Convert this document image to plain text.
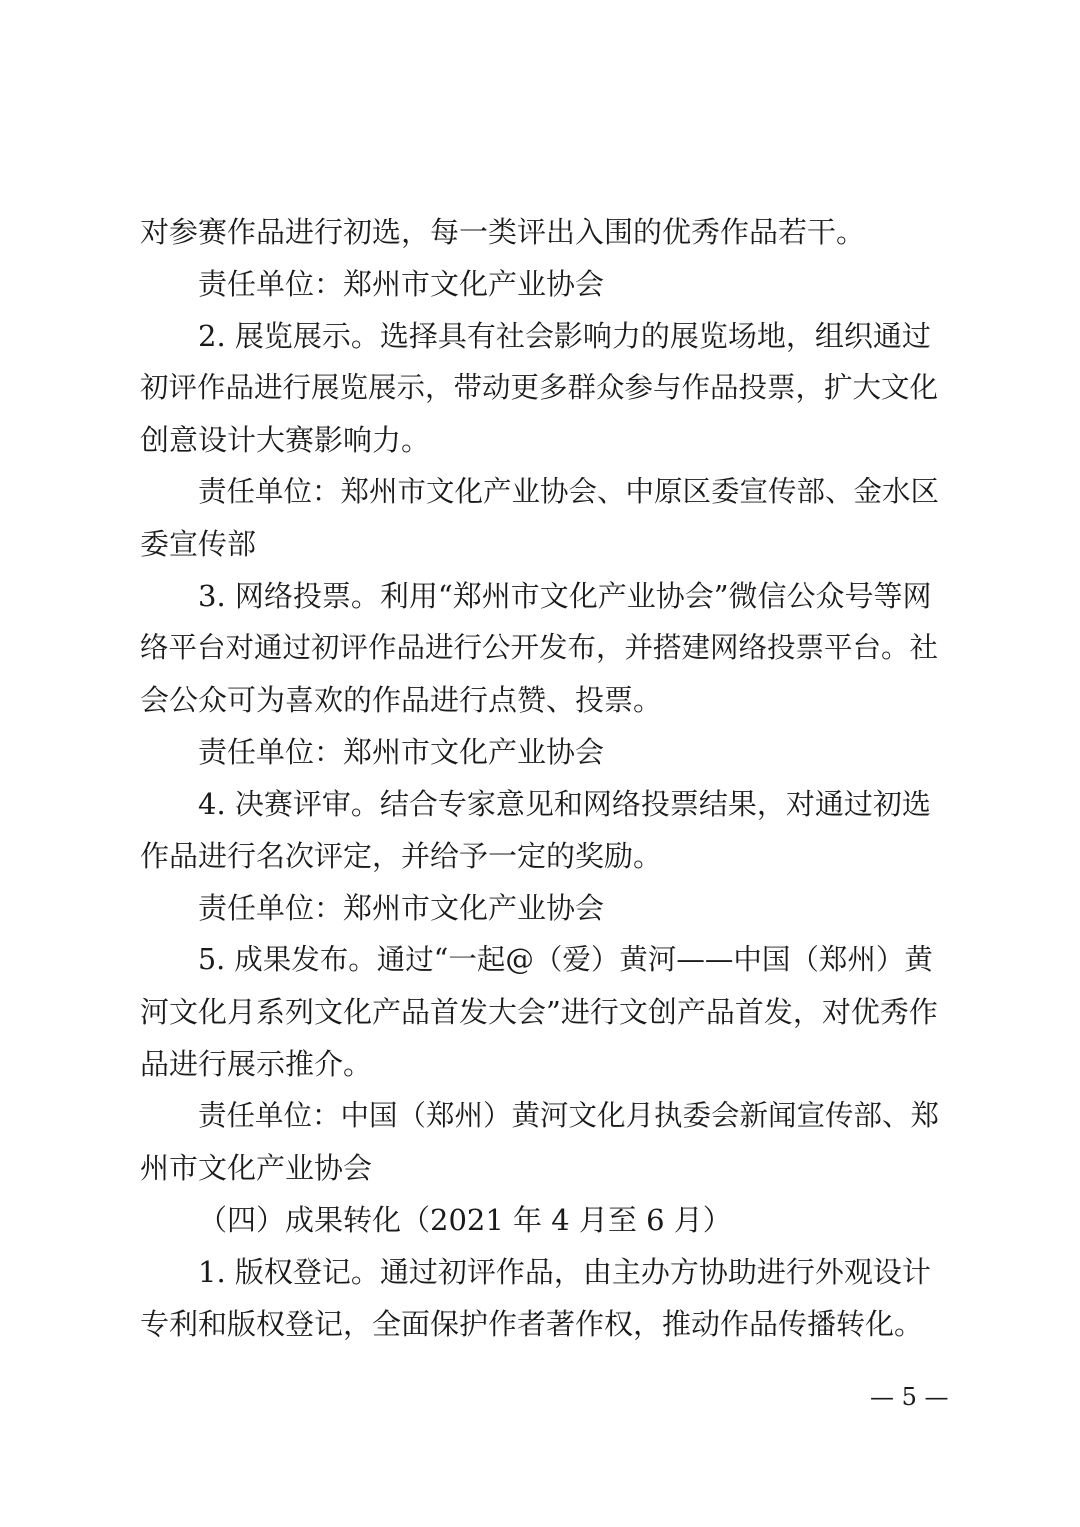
对参赛作品进行初选，每一类评出入围的优秀作品若干。
责任单位：郑州市文化产业协会
2. 展览展示。选择具有社会影响力的展览场地，组织通过
初评作品进行展览展示，带动更多群众参与作品投票，扩大文化
创意设计大赛影响力。
责任单位：郑州市文化产业协会、中原区委宣传部、金水区
委宣传部
3. 网络投票。利用“郑州市文化产业协会”微信公众号等网
络平台对通过初评作品进行公开发布，并搭建网络投票平台。社
会公众可为喜欢的作品进行点赞、投票。
责任单位：郑州市文化产业协会
4. 决赛评审。结合专家意见和网络投票结果，对通过初选
作品进行名次评定，并给予一定的奖励。
责任单位：郑州市文化产业协会
5. 成果发布。通过“一起@（爱）黄河——中国（郑州）黄
河文化月系列文化产品首发大会”进行文创产品首发，对优秀作
品进行展示推介。
责任单位：中国（郑州）黄河文化月执委会新闻宣传部、郑
州市文化产业协会
（四）成果转化（2021 年 4 月至 6 月）
1. 版权登记。通过初评作品，由主办方协助进行外观设计
专利和版权登记，全面保护作者著作权，推动作品传播转化。
— 5 —
